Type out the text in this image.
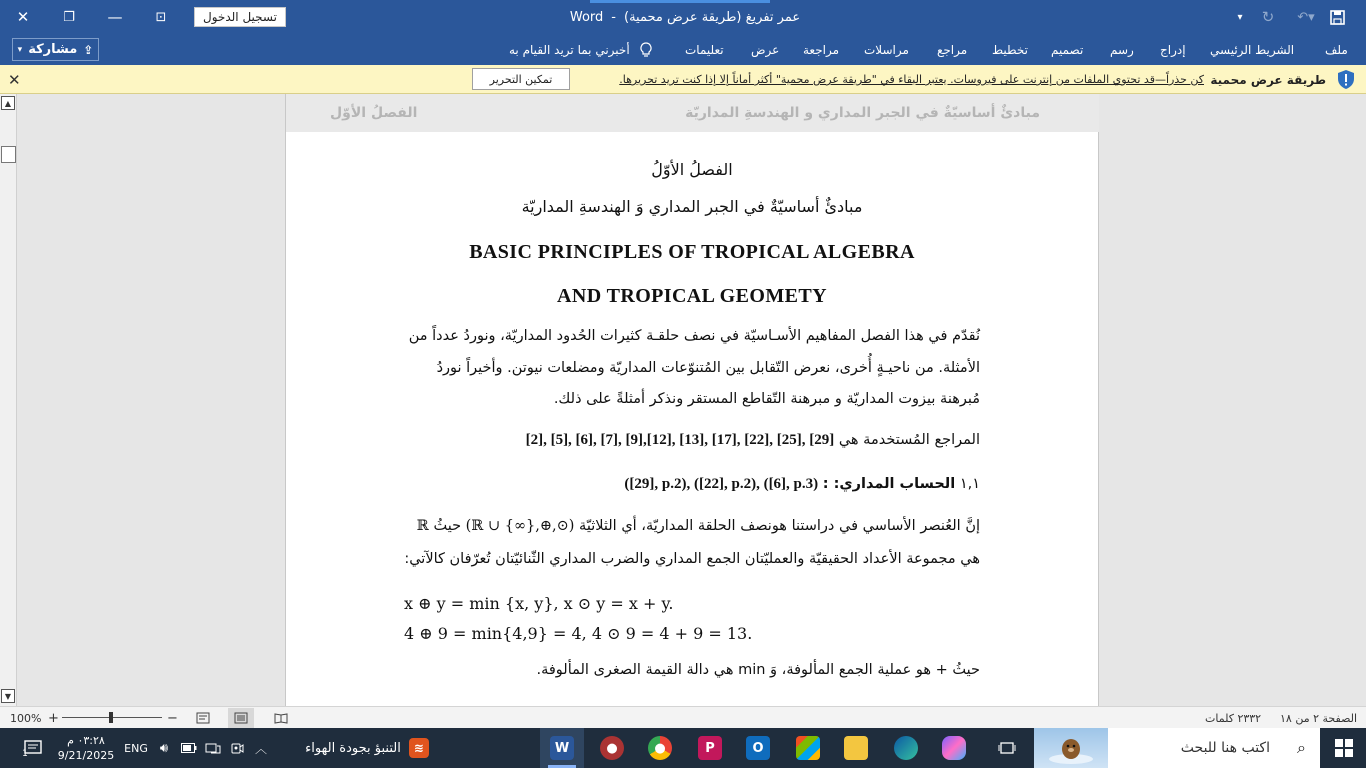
✕	❐	—	⊡	تسجيل الدخول	عمر تفريغ (طريقة عرض محمية)
-
Word	▾	↻	↶▾
▾ مشاركة ⇪	ملف
الشريط الرئيسي
إدراج
رسم
تصميم
تخطيط
مراجع
مراسلات
مراجعة
عرض
تعليمات
أخبرني بما تريد القيام به
طريقة عرض محمية
كن حذراً—قد تحتوي الملفات من إنترنت على فيروسات. يعتبر البقاء في "طريقة عرض محمية" أكثر أماناً إلا إذا كنت تريد تحريرها.
تمكين التحرير
✕
▲
▼
مبادئٌ أساسيّةٌ في الجبر المداري و الهندسةِ المداريّة
الفصلُ الأوّل
الفصلُ الأوّلُ
مبادئٌ أساسيّةٌ في الجبر المداري وَ الهندسةِ المداريّة
BASIC PRINCIPLES OF TROPICAL ALGEBRA
AND TROPICAL GEOMETY
نُقدّم في هذا الفصل المفاهيم الأسـاسيّة في نصف حلقـة كثيرات الحُدود المداريّة، ونوردُ عدداً من
الأمثلة. من ناحيـةٍ أُخرى، نعرض التّقابل بين المُتنوّعات المداريّة ومضلعات نيوتن. وأخيراً نوردُ
مُبرهنة بيزوت المداريّة و مبرهنة التّقاطع المستقر ونذكر أمثلةً على ذلك.
المراجع المُستخدمة هي [2], [5], [6], [7], [9],[12], [13], [17], [22], [25], [29]
١,١ الحساب المداري: : ([29], p.2), ([22], p.2), ([6], p.3)
إنَّ العُنصر الأساسي في دراستنا هونصف الحلقة المداريّة، أي الثلاثيّة (ℝ ∪ {∞},⊕,⊙) حيثُ ℝ
هي مجموعة الأعداد الحقيقيّة والعمليّتان الجمع المداري والضرب المداري الثّنائيّتان تُعرّفان كالآتي:
x ⊕ y = min {x, y}, x ⊙ y = x + y.
4 ⊕ 9 = min{4,9} = 4, 4 ⊙ 9 = 4 + 9 = 13.
حيثُ + هو عملية الجمع المألوفة، وَ min هي دالة القيمة الصغرى المألوفة.
100% +	−	٢٣٣٢ كلمات الصفحة ٢ من ١٨
1
٠٣:٢٨ م
9/21/2025
ENG 🔊︎	︿	التنبؤ بجودة الهواء	≋	W	●	●	P	O	⌕
اكتب هنا للبحث
